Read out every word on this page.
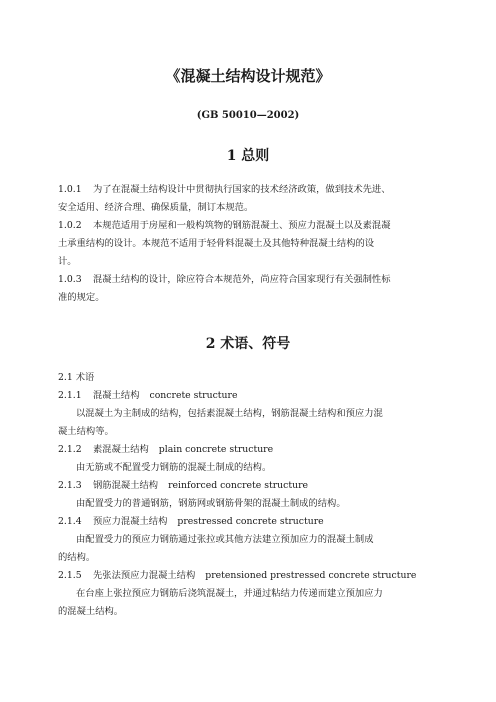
《混凝土结构设计规范》
(GB 50010—2002)
1 总则
1.0.1 为了在混凝土结构设计中贯彻执行国家的技术经济政策，做到技术先进、
安全适用、经济合理、确保质量，制订本规范。
1.0.2 本规范适用于房屋和一般构筑物的钢筋混凝土、预应力混凝土以及素混凝
土承重结构的设计。本规范不适用于轻骨料混凝土及其他特种混凝土结构的设
计。
1.0.3 混凝土结构的设计，除应符合本规范外，尚应符合国家现行有关强制性标
准的规定。
2 术语、符号
2.1 术语
2.1.1 混凝土结构 concrete structure
以混凝土为主制成的结构，包括素混凝土结构，钢筋混凝土结构和预应力混
凝土结构等。
2.1.2 素混凝土结构 plain concrete structure
由无筋或不配置受力钢筋的混凝土制成的结构。
2.1.3 钢筋混凝土结构 reinforced concrete structure
由配置受力的普通钢筋，钢筋网或钢筋骨架的混凝土制成的结构。
2.1.4 预应力混凝土结构 prestressed concrete structure
由配置受力的预应力钢筋通过张拉或其他方法建立预加应力的混凝土制成
的结构。
2.1.5 先张法预应力混凝土结构 pretensioned prestressed concrete structure
在台座上张拉预应力钢筋后浇筑混凝土，并通过粘结力传递而建立预加应力
的混凝土结构。
